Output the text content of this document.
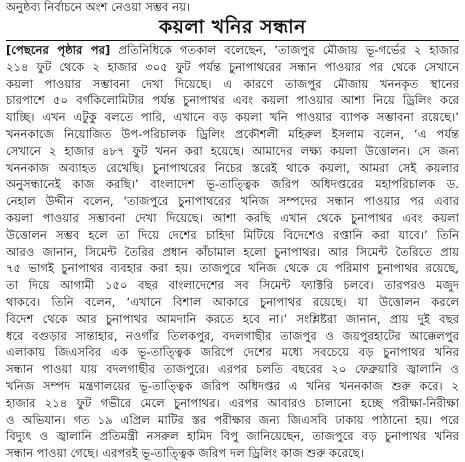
অনুষ্ঠব্য নির্বাচনে অংশ নেওয়া সম্ভব নয়।
কয়লা খনির সন্ধান
[পেছনের পৃষ্ঠার পর] প্রতিনিধিকে গতকাল বলেছেন, ‘তাজপুর মৌজায় ভূ-গর্ভের ২ হাজার
২১৪ ফুট থেকে ২ হাজার ৩০৫ ফুট পর্যন্ত চুনাপাথরের সন্ধান পাওয়ার পর থেকে সেখানে
কয়লা পাওয়ার সম্ভাবনা দেখা দিয়েছে। এ কারণে তাজপুর মৌজায় খননকৃত স্থানের
চারপাশে ৫০ বর্গকিলোমিটার পর্যন্ত চুনাপাথর এবং কয়লা পাওয়ার আশা নিয়ে ড্রিলিং করে
যাচ্ছি। এখন এটুকু বলতে পারি, এখানে বড় কয়লা খনি পাওয়ার ব্যাপক সম্ভাবনা রয়েছে।’
খননকাজে নিয়োজিত উপ-পরিচালক ড্রিলিং প্রকৌশলী মহিরুল ইসলাম বলেন, ‘এ পর্যন্ত
সেখানে ২ হাজার ৪৮৭ ফুট খনন করা হয়েছে। আমাদের লক্ষ্য কয়লা উত্তোলন। সে জন্য
খননকাজ অব্যাহত রেখেছি। চুনাপাথরের নিচের স্তরেই থাকে কয়লা, আমরা সেই কয়লার
অনুসন্ধানেই কাজ করছি।’ বাংলাদেশ ভূ-তাত্ত্বিক জরিপ অধিদপ্তরের মহাপরিচালক ড.
নেহাল উদ্দীন বলেন, ‘তাজপুরে চুনাপাথরের খনিজ সম্পদের সন্ধান পাওয়ার পর এবার
কয়লা পাওয়ার সম্ভাবনা দেখা দিয়েছে। আশা করছি এখান থেকে চুনাপাথর এবং কয়লা
উত্তোলন সম্ভব হলে তা দিয়ে দেশের চাহিদা মিটিয়ে বিদেশেও রপ্তানি করা যাবে।’ তিনি
আরও জানান, সিমেন্ট তৈরির প্রধান কাঁচামাল হলো চুনাপাথর। আর সিমেন্ট তৈরিতে প্রায়
৭৫ ভাগই চুনাপাথর ব্যবহার করা হয়। তাজপুরে খনিজ থেকে যে পরিমাণ চুনাপাথর রয়েছে,
তা দিয়ে আগামী ১৫০ বছর বাংলাদেশের সব সিমেন্ট ফ্যাক্টরি চলবে। তারপরও মজুদ
থাকবে। তিনি বলেন, ‘এখানে বিশাল আকারে চুনাপাথর রয়েছে। যা উত্তোলন করলে
বিদেশ থেকে আর চুনাপাথর আমদানি করতে হবে না।’ সংশ্লিষ্টরা জানান, প্রায় দুই বছর
ধরে বগুড়ার সান্তাহার, নওগাঁর তিলকপুর, বদলগাছীর তাজপুর ও জয়পুরহাটের আক্কেলপুর
এলাকায় জিএসবির এক ভূ-তাত্ত্বিক জরিপে দেশের মধ্যে সবচেয়ে বড় চুনাপাথর খনির
সন্ধান পাওয়া যায় বদলগাছীর তাজপুরে। এরপর চলতি বছরের ২০ ফেব্রুয়ারি জ্বালানি ও
খনিজ সম্পদ মন্ত্রণালয়ের ভূ-তাত্ত্বিক জরিপ অধিদপ্তর এ খনির খননকাজ শুরু করে। ২
হাজার ২১৪ ফুট গভীরে মেলে চুনাপাথর। এরপর আবারও চালানো হচ্ছে পরীক্ষা-নিরীক্ষা
ও অভিযান। গত ১৯ এপ্রিল মাটির স্তর পরীক্ষার জন্য জিএসবি ঢাকায় পাঠানো হয়। পরে
বিদ্যুৎ ও জ্বালানি প্রতিমন্ত্রী নসরুল হামিদ বিপু জানিয়েছেন, তাজপুরে বড় চুনাপাথর খনির
সন্ধান পাওয়া গেছে। এরপরই ভূ-তাত্ত্বিক জরিপ দল ড্রিলিং কাজ শুরু করেছে।
